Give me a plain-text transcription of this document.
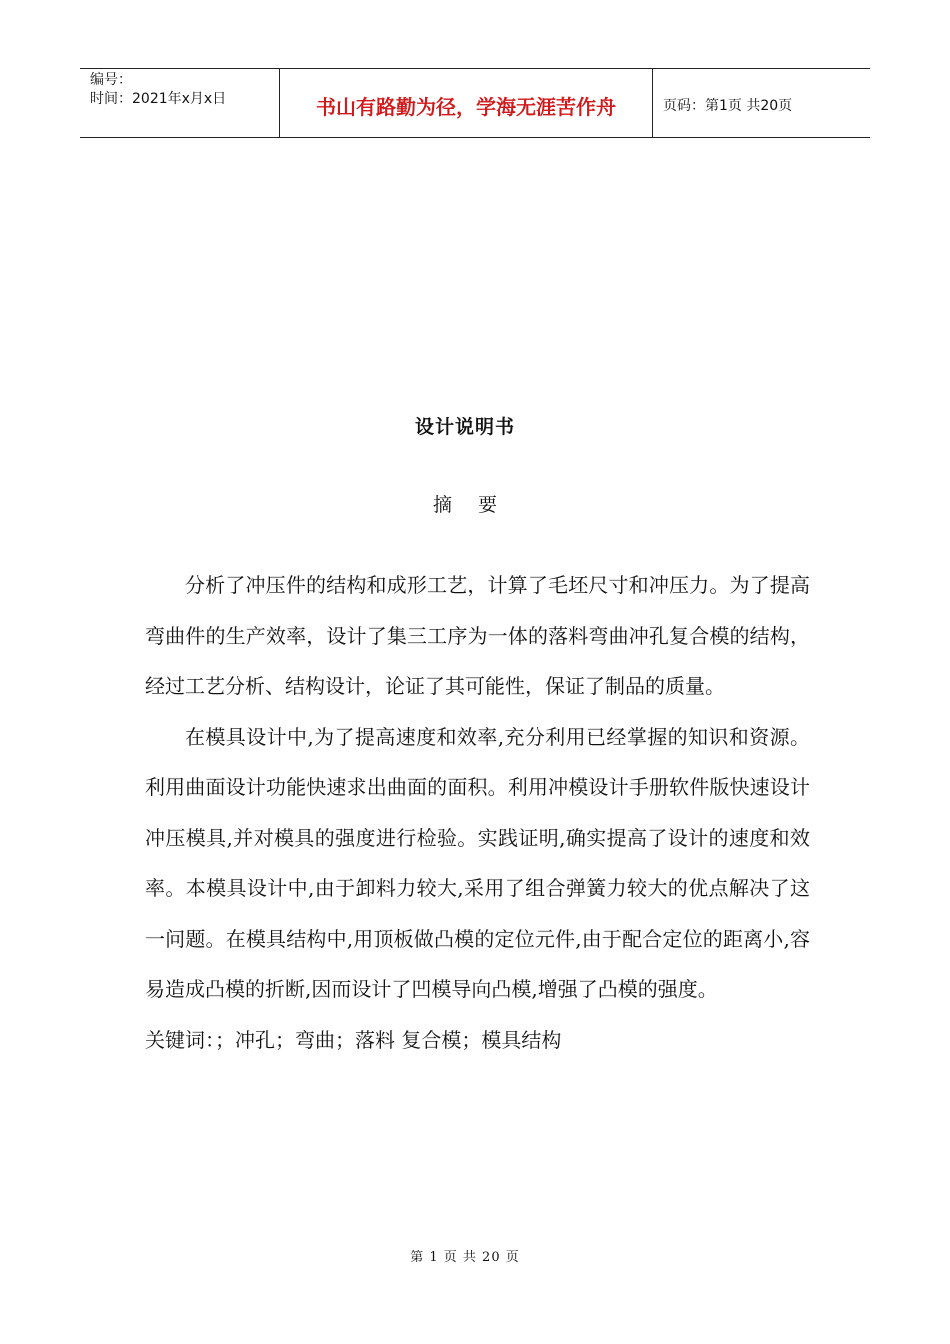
编号：
时间：2021年x月x日	书山有路勤为径，学海无涯苦作舟	页码：第1页 共20页
设计说明书
摘 要

分析了冲压件的结构和成形工艺，计算了毛坯尺寸和冲压力。为了提高弯曲件的生产效率，设计了集三工序为一体的落料弯曲冲孔复合模的结构，经过工艺分析、结构设计，论证了其可能性，保证了制品的质量。

在模具设计中,为了提高速度和效率,充分利用已经掌握的知识和资源。利用曲面设计功能快速求出曲面的面积。利用冲模设计手册软件版快速设计冲压模具,并对模具的强度进行检验。实践证明,确实提高了设计的速度和效率。本模具设计中,由于卸料力较大,采用了组合弹簧力较大的优点解决了这一问题。在模具结构中,用顶板做凸模的定位元件,由于配合定位的距离小,容易造成凸模的折断,因而设计了凹模导向凸模,增强了凸模的强度。

关键词：；冲孔；弯曲；落料 复合模；模具结构

第 1 页 共 20 页
